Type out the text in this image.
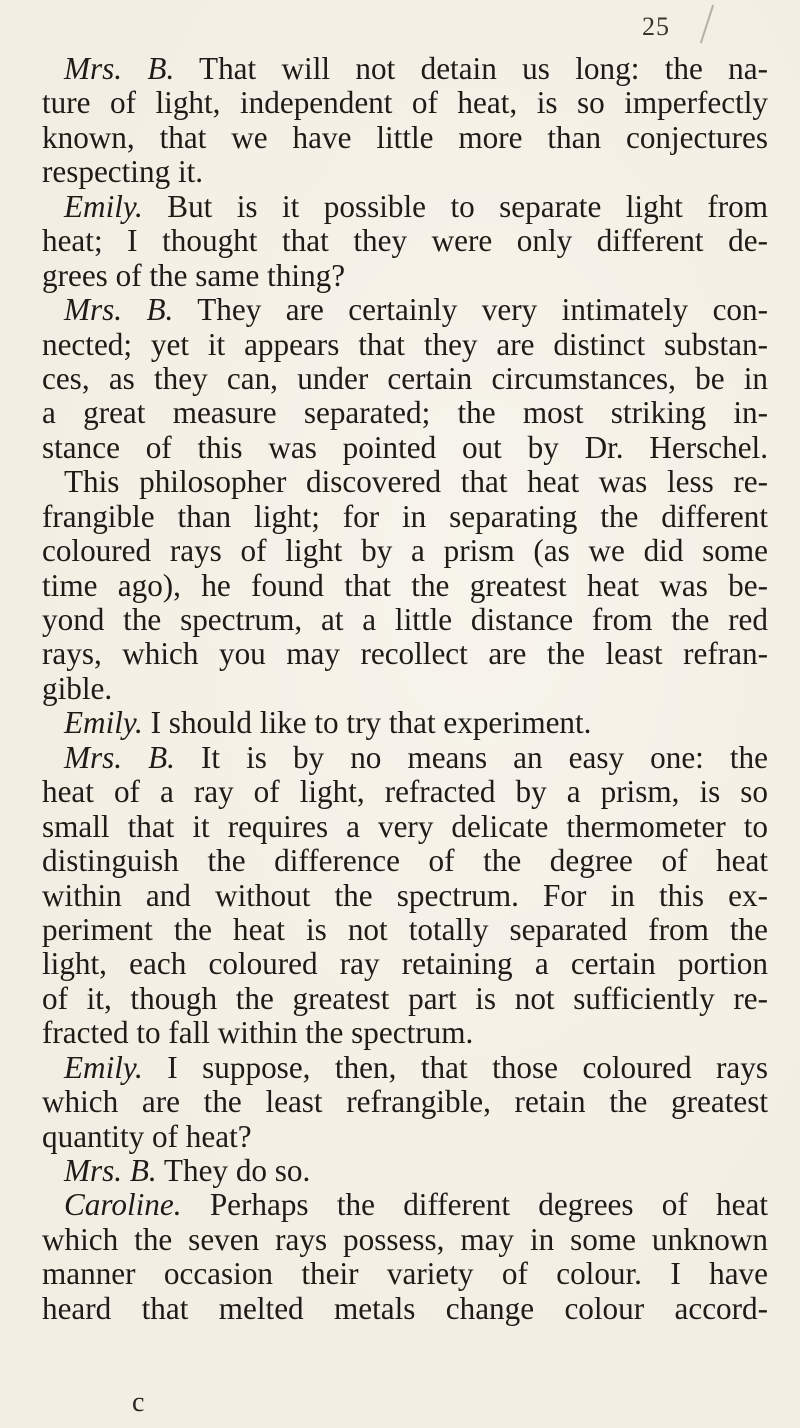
25
Mrs. B. That will not detain us long: the na-
ture of light, independent of heat, is so imperfectly
known, that we have little more than conjectures
respecting it.
Emily. But is it possible to separate light from
heat; I thought that they were only different de-
grees of the same thing?
Mrs. B. They are certainly very intimately con-
nected; yet it appears that they are distinct substan-
ces, as they can, under certain circumstances, be in
a great measure separated; the most striking in-
stance of this was pointed out by Dr. Herschel.
This philosopher discovered that heat was less re-
frangible than light; for in separating the different
coloured rays of light by a prism (as we did some
time ago), he found that the greatest heat was be-
yond the spectrum, at a little distance from the red
rays, which you may recollect are the least refran-
gible.
Emily. I should like to try that experiment.
Mrs. B. It is by no means an easy one: the
heat of a ray of light, refracted by a prism, is so
small that it requires a very delicate thermometer to
distinguish the difference of the degree of heat
within and without the spectrum. For in this ex-
periment the heat is not totally separated from the
light, each coloured ray retaining a certain portion
of it, though the greatest part is not sufficiently re-
fracted to fall within the spectrum.
Emily. I suppose, then, that those coloured rays
which are the least refrangible, retain the greatest
quantity of heat?
Mrs. B. They do so.
Caroline. Perhaps the different degrees of heat
which the seven rays possess, may in some unknown
manner occasion their variety of colour. I have
heard that melted metals change colour accord-
c
